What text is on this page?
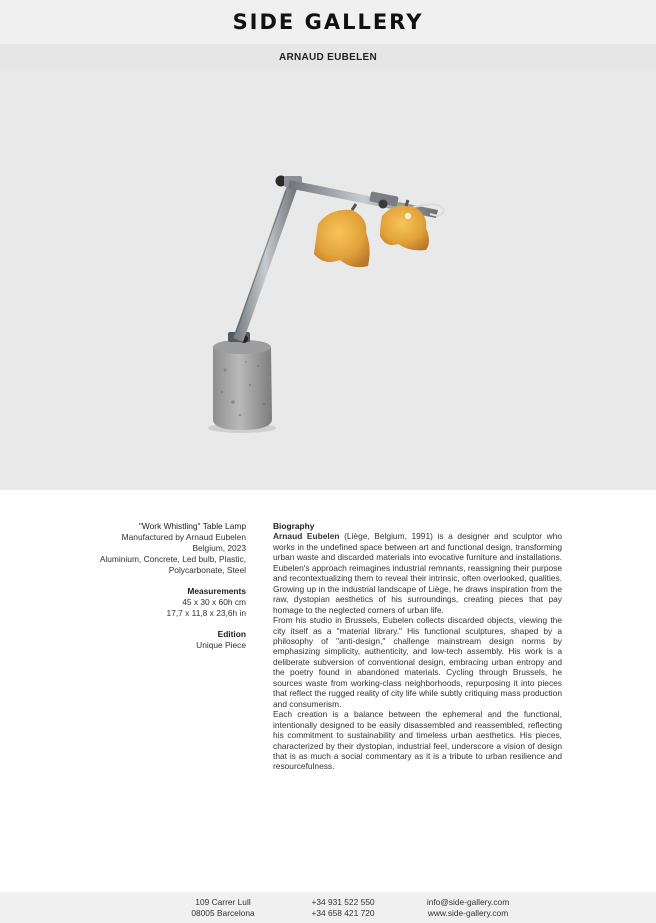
SIDE GALLERY
ARNAUD EUBELEN
"Work Whistling" Table Lamp
Manufactured by Arnaud Eubelen
Belgium, 2023
Aluminium, Concrete, Led bulb, Plastic,
Polycarbonate, Steel
Measurements
45 x 30 x 60h cm
17,7 x 11,8 x 23,6h in
Edition
Unique Piece
Biography

Arnaud Eubelen (Liège, Belgium, 1991) is a designer and sculptor who works in the undefined space between art and functional design, transforming urban waste and discarded materials into evocative furniture and installations. Eubelen's approach reimagines industrial remnants, reassigning their purpose and recontextualizing them to reveal their intrinsic, often overlooked, qualities. Growing up in the industrial landscape of Liège, he draws inspiration from the raw, dystopian aesthetics of his surroundings, creating pieces that pay homage to the neglected corners of urban life.

From his studio in Brussels, Eubelen collects discarded objects, viewing the city itself as a "material library." His functional sculptures, shaped by a philosophy of "anti-design," challenge mainstream design norms by emphasizing simplicity, authenticity, and low-tech assembly. His work is a deliberate subversion of conventional design, embracing urban entropy and the poetry found in abandoned materials. Cycling through Brussels, he sources waste from working-class neighborhoods, repurposing it into pieces that reflect the rugged reality of city life while subtly critiquing mass production and consumerism.

Each creation is a balance between the ephemeral and the functional, intentionally designed to be easily disassembled and reassembled, reflecting his commitment to sustainability and timeless urban aesthetics. His pieces, characterized by their dystopian, industrial feel, underscore a vision of design that is as much a social commentary as it is a tribute to urban resilience and resourcefulness.

109 Carrer Lull
08005 Barcelona
+34 931 522 550
+34 658 421 720
info@side-gallery.com
www.side-gallery.com
